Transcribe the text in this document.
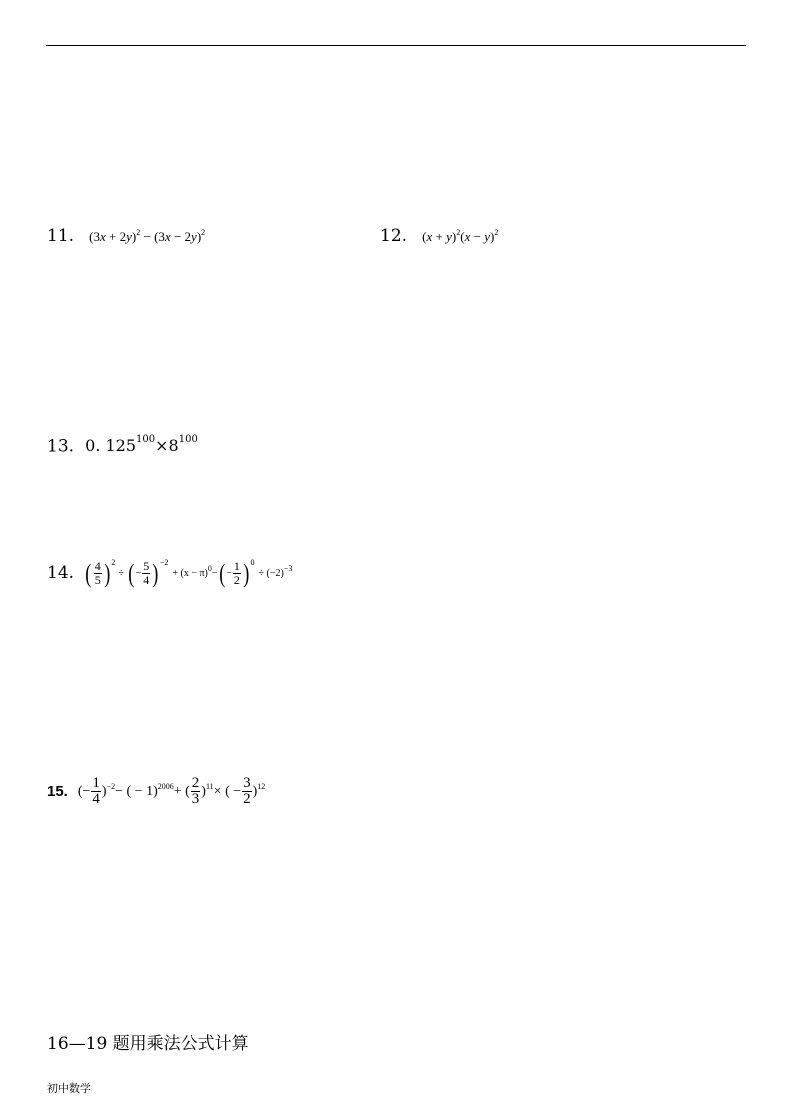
11. $(3x + 2y)^2 - (3x - 2y)^2$	12. $(x + y)^2(x - y)^2$
13. 0. $125^{100}\times 8^{100}$
14. ( $\frac{4}{5}$ ) 2
÷ ( − $\frac{5}{4}$ ) −2
+ (x − π) 0 − ( − $\frac{1}{2}$ ) 0
÷ (−2) −3
15. (− $\frac{1}{4}$ ) −2 − ( − 1) 2006 + ( $\frac{2}{3}$ ) 11 × ( − $\frac{3}{2}$ ) 12
16—19 题用乘法公式计算
初中数学
